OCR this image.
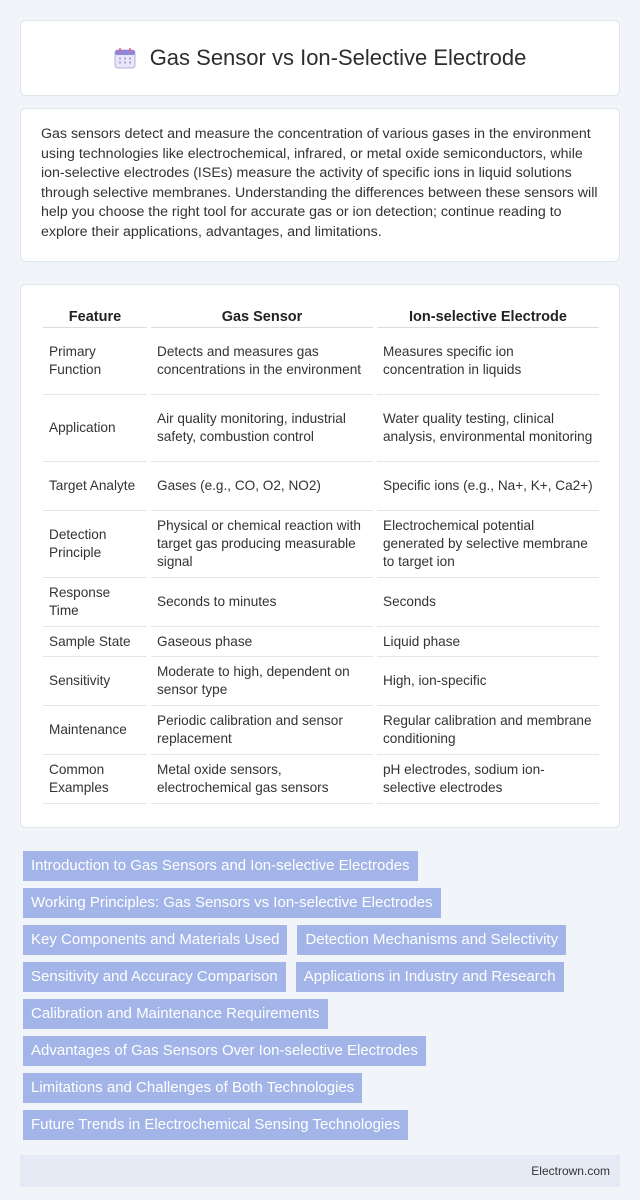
Gas Sensor vs Ion-Selective Electrode

Gas sensors detect and measure the concentration of various gases in the environment using technologies like electrochemical, infrared, or metal oxide semiconductors, while ion-selective electrodes (ISEs) measure the activity of specific ions in liquid solutions through selective membranes. Understanding the differences between these sensors will help you choose the right tool for accurate gas or ion detection; continue reading to explore their applications, advantages, and limitations.

Feature	Gas Sensor	Ion-selective Electrode
Primary Function	Detects and measures gas concentrations in the environment	Measures specific ion concentration in liquids
Application	Air quality monitoring, industrial safety, combustion control	Water quality testing, clinical analysis, environmental monitoring
Target Analyte	Gases (e.g., CO, O2, NO2)	Specific ions (e.g., Na+, K+, Ca2+)
Detection Principle	Physical or chemical reaction with target gas producing measurable signal	Electrochemical potential generated by selective membrane to target ion
Response Time	Seconds to minutes	Seconds
Sample State	Gaseous phase	Liquid phase
Sensitivity	Moderate to high, dependent on sensor type	High, ion-specific
Maintenance	Periodic calibration and sensor replacement	Regular calibration and membrane conditioning
Common Examples	Metal oxide sensors, electrochemical gas sensors	pH electrodes, sodium ion-selective electrodes
Introduction to Gas Sensors and Ion-selective Electrodes
Working Principles: Gas Sensors vs Ion-selective Electrodes
Key Components and Materials Used	Detection Mechanisms and Selectivity
Sensitivity and Accuracy Comparison	Applications in Industry and Research
Calibration and Maintenance Requirements
Advantages of Gas Sensors Over Ion-selective Electrodes
Limitations and Challenges of Both Technologies
Future Trends in Electrochemical Sensing Technologies
Electrown.com
